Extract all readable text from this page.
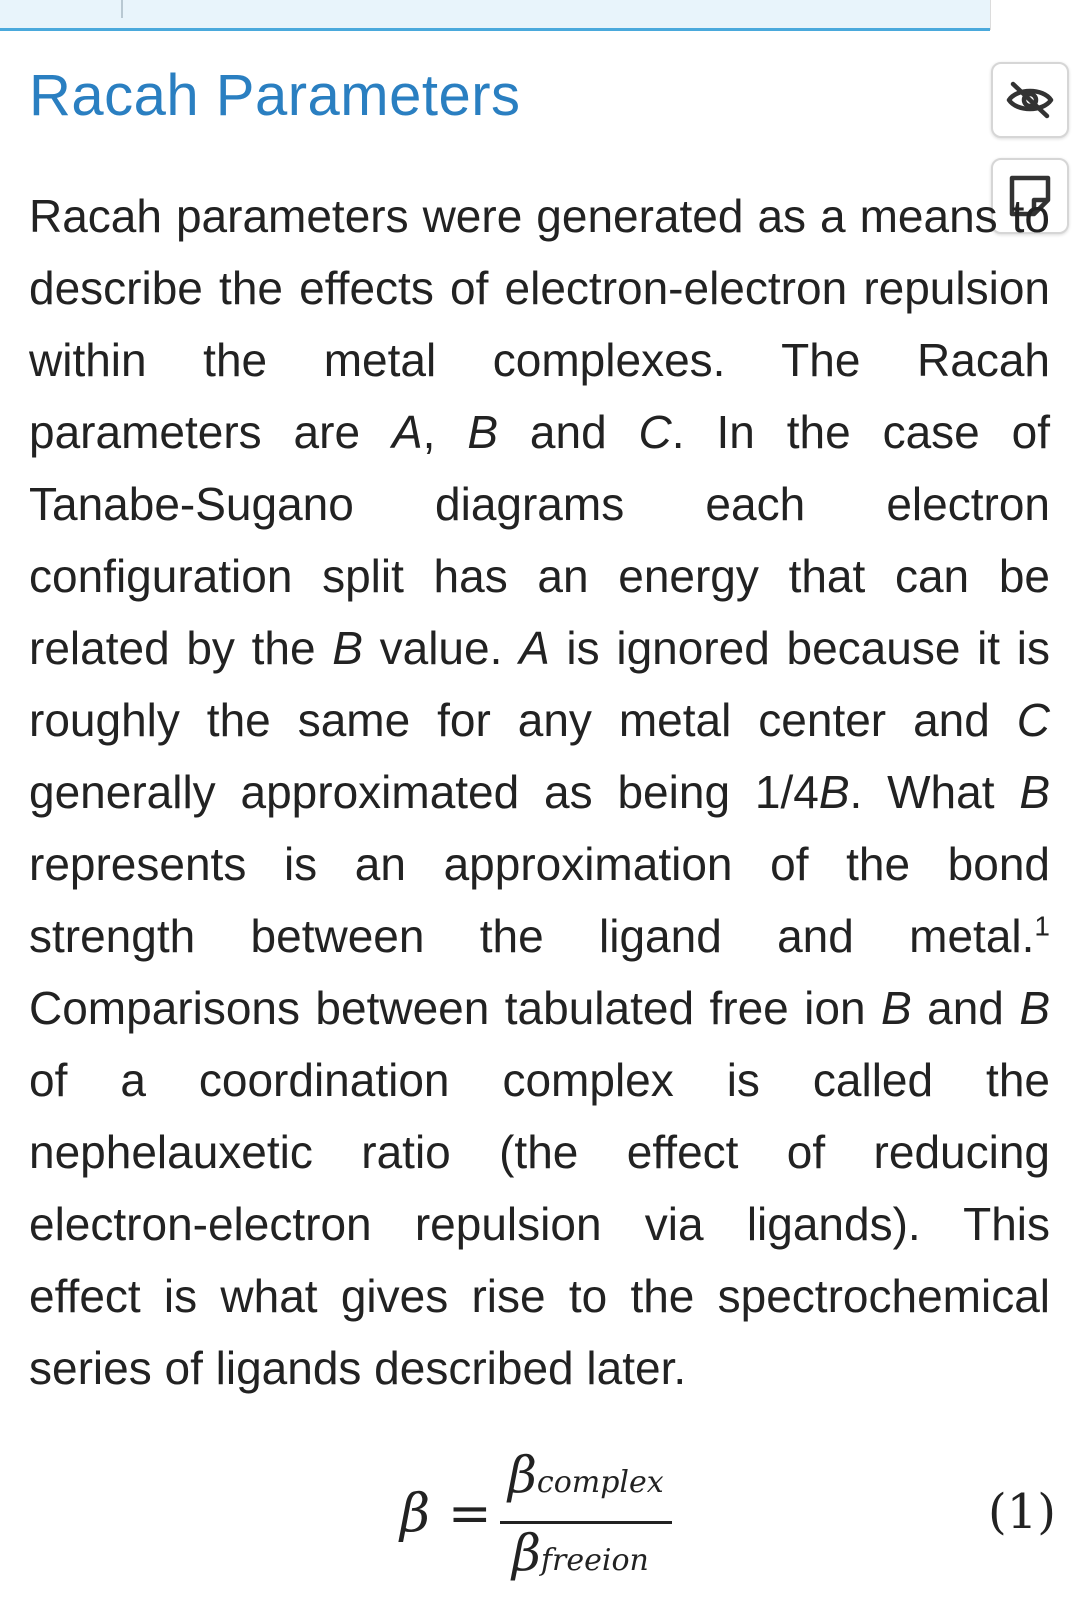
Racah Parameters

Racah parameters were generated as a means to describe the effects of electron-electron repulsion within the metal complexes. The Racah parameters are A, B and C. In the case of Tanabe-Sugano diagrams each electron configuration split has an energy that can be related by the B value. A is ignored because it is roughly the same for any metal center and C generally approximated as being 1/4B. What B represents is an approximation of the bond strength between the ligand and metal.$^1$ Comparisons between tabulated free ion B and B of a coordination complex is called the nephelauxetic ratio (the effect of reducing electron-electron repulsion via ligands). This effect is what gives rise to the spectrochemical series of ligands described later.

β =
βcomplex
βfreeion
(1)
